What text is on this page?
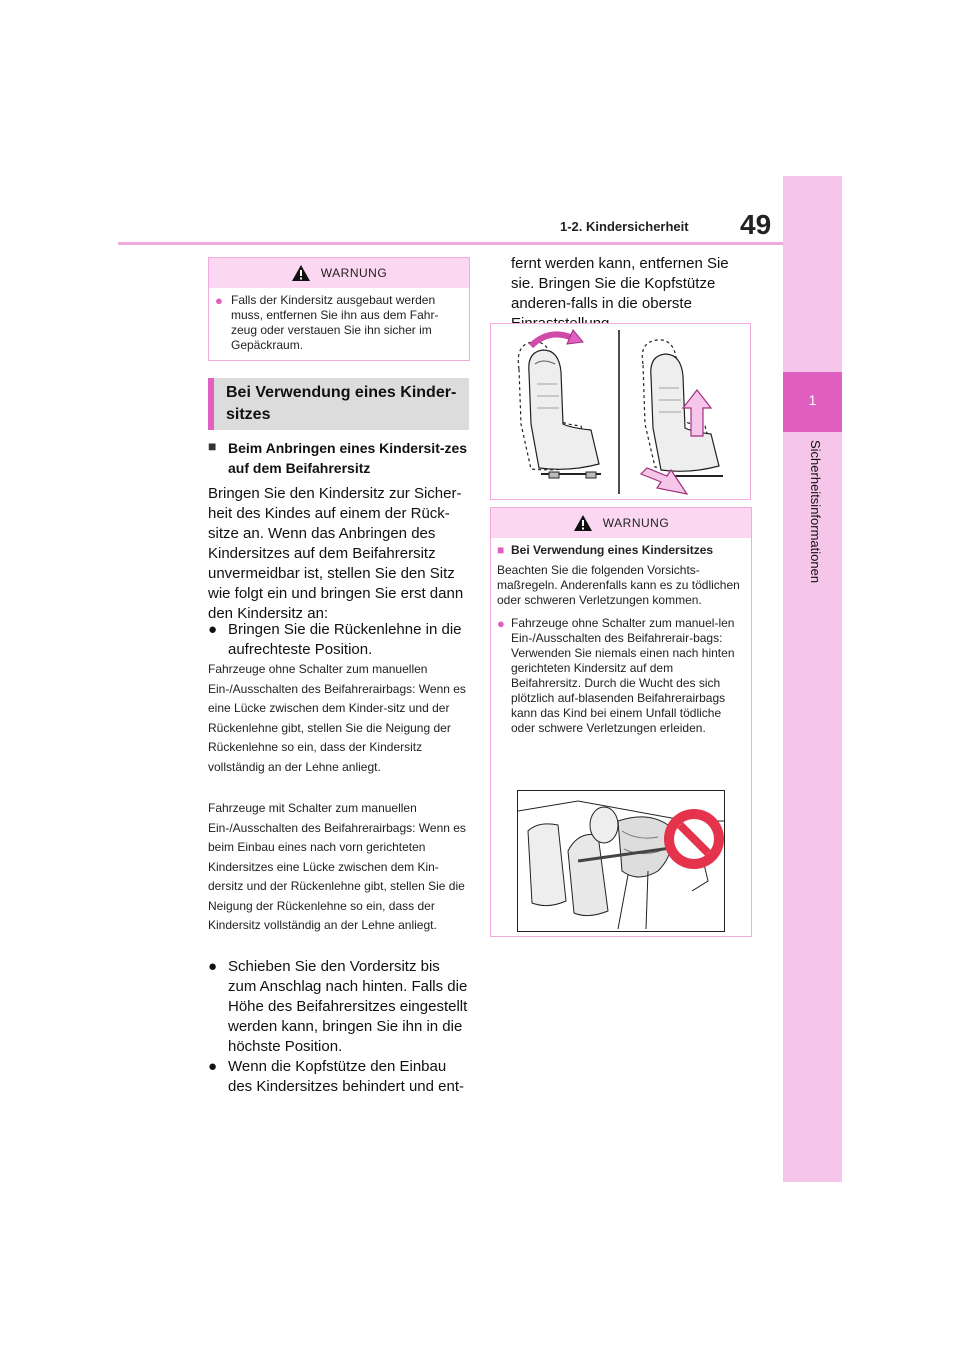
1-2. Kindersicherheit 49
1
Sicherheitsinformationen
WARNUNG
● Falls der Kindersitz ausgebaut werden muss, entfernen Sie ihn aus dem Fahr-zeug oder verstauen Sie ihn sicher im Gepäckraum.
Bei Verwendung eines Kinder-sitzes
■ Beim Anbringen eines Kindersit-zes auf dem Beifahrersitz
Bringen Sie den Kindersitz zur Sicher-heit des Kindes auf einem der Rück-sitze an. Wenn das Anbringen des Kindersitzes auf dem Beifahrersitz unvermeidbar ist, stellen Sie den Sitz wie folgt ein und bringen Sie erst dann den Kindersitz an:
● Bringen Sie die Rückenlehne in die aufrechteste Position.
Fahrzeuge ohne Schalter zum manuellen Ein-/Ausschalten des Beifahrerairbags: Wenn es eine Lücke zwischen dem Kinder-sitz und der Rückenlehne gibt, stellen Sie die Neigung der Rückenlehne so ein, dass der Kindersitz vollständig an der Lehne anliegt.
Fahrzeuge mit Schalter zum manuellen Ein-/Ausschalten des Beifahrerairbags: Wenn es beim Einbau eines nach vorn gerichteten Kindersitzes eine Lücke zwischen dem Kin-dersitz und der Rückenlehne gibt, stellen Sie die Neigung der Rückenlehne so ein, dass der Kindersitz vollständig an der Lehne anliegt.
● Schieben Sie den Vordersitz bis zum Anschlag nach hinten. Falls die Höhe des Beifahrersitzes eingestellt werden kann, bringen Sie ihn in die höchste Position.
● Wenn die Kopfstütze den Einbau des Kindersitzes behindert und ent-
fernt werden kann, entfernen Sie sie. Bringen Sie die Kopfstütze anderen-falls in die oberste
WARNUNG
■ Bei Verwendung eines Kindersitzes
Beachten Sie die folgenden Vorsichts-maßregeln. Anderenfalls kann es zu tödlichen oder schweren Verletzungen kommen.
● Fahrzeuge ohne Schalter zum manuel-len Ein-/Ausschalten des Beifahrerair-bags: Verwenden Sie niemals einen nach hinten gerichteten Kindersitz auf dem Beifahrersitz. Durch die Wucht des sich plötzlich auf-blasenden Beifahrerairbags kann das Kind bei einem Unfall tödliche oder schwere Verletzungen erleiden.
